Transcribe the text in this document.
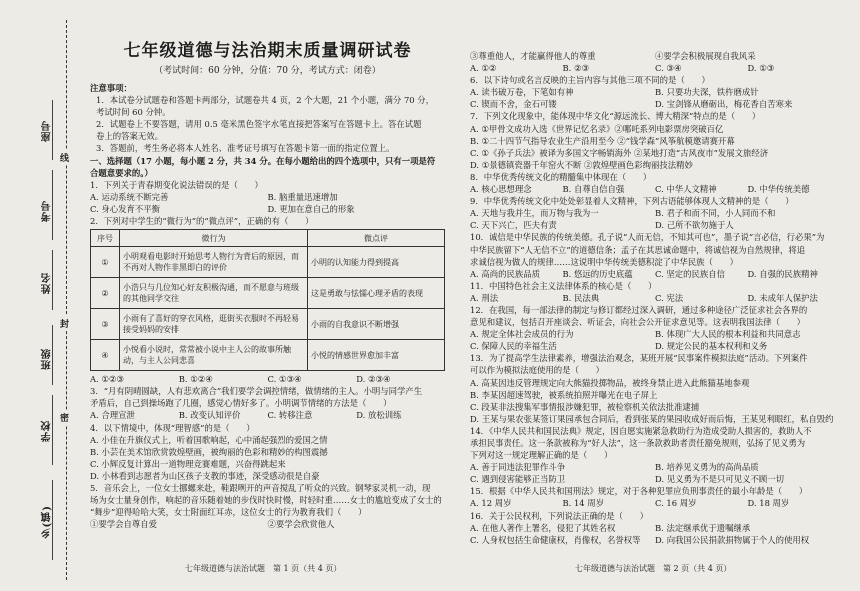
线
封
密
座号
考号
姓名
班级
学校
乡(镇)
七年级道德与法治期末质量调研试卷
（考试时间：60 分钟，分值：70 分，考试方式：闭卷）

注意事项：

1．本试卷分试题卷和答题卡两部分，试题卷共 4 页，2 个大题，21 个小题，满分 70 分，

考试时间 60 分钟。

2．试题卷上不要答题，请用 0.5 毫米黑色签字水笔直接把答案写在答题卡上。答在试题

卷上的答案无效。

3．答题前，考生务必将本人姓名、准考证号填写在答题卡第一面的指定位置上。

一、选择题（17 小题，每小题 2 分，共 34 分。在每小题给出的四个选项中，只有一项是符

合题意要求的。）

1．下列关于青春期变化说法错误的是（　　）

A. 运动系统不断完善	B. 脑重量迅速增加
C. 身心发育不平衡	D. 更加在意自己的形象

2．下列对中学生的“微行为”的“微点评”，正确的有（　　）

序号	微行为	微点评
①	小明观看电影时开始思考人物行为背后的原因，而不再对人物作非黑即白的评价	小明的认知能力得到提高
②	小浩只与几位知心好友积极沟通，而不愿意与班级的其他同学交往	这是勇敢与怯懦心理矛盾的表现
③	小雨有了喜好的穿衣风格，逛街买衣服时不再轻易接受妈妈的安排	小雨的自我意识不断增强
④	小悦看小说时，常常被小说中主人公的故事所触动，与主人公同悲喜	小悦的情感世界愈加丰富
A. ①②③	B. ①②④	C. ①③④	D. ②③④

3．“月有阴晴圆缺，人有悲欢离合”我们要学会调控情绪，做情绪的主人。小明与同学产生

矛盾后，自己到操场跑了几圈，感觉心情好多了。小明调节情绪的方法是（　　）

A. 合理宣泄	B. 改变认知评价	C. 转移注意	D. 放松训练

4．以下情境中，体现“理智感”的是（　　）

A. 小佳在升旗仪式上，听着国歌响起，心中涌起强烈的爱国之情

B. 小芸在美术馆欣赏敦煌壁画，被绚丽的色彩和精妙的构图震撼

C. 小辉反复计算出一道物理竞赛难题，兴奋得跳起来

D. 小林看到志愿者为山区孩子支教的事迹，深受感动很是自豪

5．音乐会上，一位女士挪螺来赴，鞋跟咧开的声音搅乱了听众的兴致。钢琴家灵机一动，现

场为女士量身创作，响起的音乐随着她的步伐时快时慢，时轻时重……女士的尴尬变成了女士的

“舞步”迎得哈哈大笑，女士附面红耳赤，这位女士的行为教育我们（　　）

①要学会自尊自爱	②要学会欣赏他人
七年级道德与法治试题　第 1 页（共 4 页）
③尊重他人，才能赢得他人的尊重	④要学会积极展现自我风采
A. ①②	B. ②③	C. ③④	D. ①③

6．以下诗句或名言反映的主旨内容与其他三项不同的是（　　）

A. 读书破万卷，下笔如有神	B. 只要功夫深，铁杵磨成针
C. 锲而不舍，金石可镂	D. 宝剑锋从磨砺出，梅花香自苦寒来

7．下列文化现象中，能体现中华文化“源远流长、博大精深”特点的是（　　）

A. ①甲骨文成功入选《世界记忆名录》②哪吒系列电影票房突破百亿

B. ①二十四节气指导农业生产沿用至今 ②“钱学森”风筝航模邀请赛开幕

C. ①《孙子兵法》被译为多国文字畅销海外 ②某地打造“古风夜市”发展文旅经济

D. ①景德镇瓷器千年窑火不断 ②敦煌壁画色彩绚丽技法精妙

8．中华优秀传统文化的精髓集中体现在（　　）

A. 核心思想理念	B. 自尊自信自强	C. 中华人文精神	D. 中华传统美德

9．中华优秀传统文化中处处彰显着人文精神，下列古语能够体现人文精神的是（　　）

A. 天地与我并生，而万物与我为一	B. 君子和而不同，小人同而不和
C. 天下兴亡，匹夫有责	D. 己所不欲勿施于人

10．诚信是中华民族的传统美德。孔子说“人而无信，不知其可也”，墨子说“言必信，行必果”为

中华民族留下“人无信不立”的道德信条；孟子在其思诚命题中，将诚信视为自然规律，将追

求诚信视为做人的规律……这说明中华传统美德积淀了中华民族（　　）

A. 高尚的民族品质	B. 悠远的历史底蕴	C. 坚定的民族自信	D. 自强的民族精神

11．中国特色社会主义法律体系的核心是（　　）

A. 刑法	B. 民法典	C. 宪法	D. 未成年人保护法

12．在我国，每一部法律的制定与修订都经过深入调研，通过多种途径广泛征求社会各界的

意见和建议，包括召开座谈会、听证会，向社会公开征求意见等。这表明我国法律（　　）

A. 规定全体社会成员的行为	B. 体现广大人民的根本利益和共同意志
C. 保障人民的幸福生活	D. 规定公民的基本权利和义务

13．为了提高学生法律素养，增强法治观念，某班开展“民事案件模拟法庭”活动。下列案件

可以作为模拟法庭使用的是（　　）

A. 高某因违反管理规定向大熊猫投掷物品，被终身禁止进入此熊猫基地参观

B. 李某因超速驾驶，被系统拍照并曝光在电子屏上

C. 段某非法搜集军事情报涉嫌犯罪，被检察机关依法批准逮捕

D. 王某与果农张某签订果园承包合同后，看到张某的果园收成好而后悔，王某见利眼红，私自毁约

14．《中华人民共和国民法典》规定，因自愿实施紧急救助行为造成受助人损害的，救助人不

承担民事责任。这一条款被称为“好人法”，这一条款救助者责任豁免规则，弘扬了见义勇为

下列对这一规定理解正确的是（　　）

A. 善于同违法犯罪作斗争	B. 培养见义勇为的高尚品质
C. 遇到侵害能够正当防卫	D. 见义勇为不是只可见义不顾一切

15．根据《中华人民共和国刑法》规定，对于各种犯罪应负刑事责任的最小年龄是（　　）

A. 12 周岁	B. 14 周岁	C. 16 周岁	D. 18 周岁

16．关于公民权利，下列说法正确的是（　　）

A. 在他人著作上署名，侵犯了其姓名权	B. 法定继承优于遗嘱继承
C. 人身权包括生命健康权，肖像权，名誉权等	D. 向我国公民捐款捐物属于个人的使用权
七年级道德与法治试题　第 2 页（共 4 页）
